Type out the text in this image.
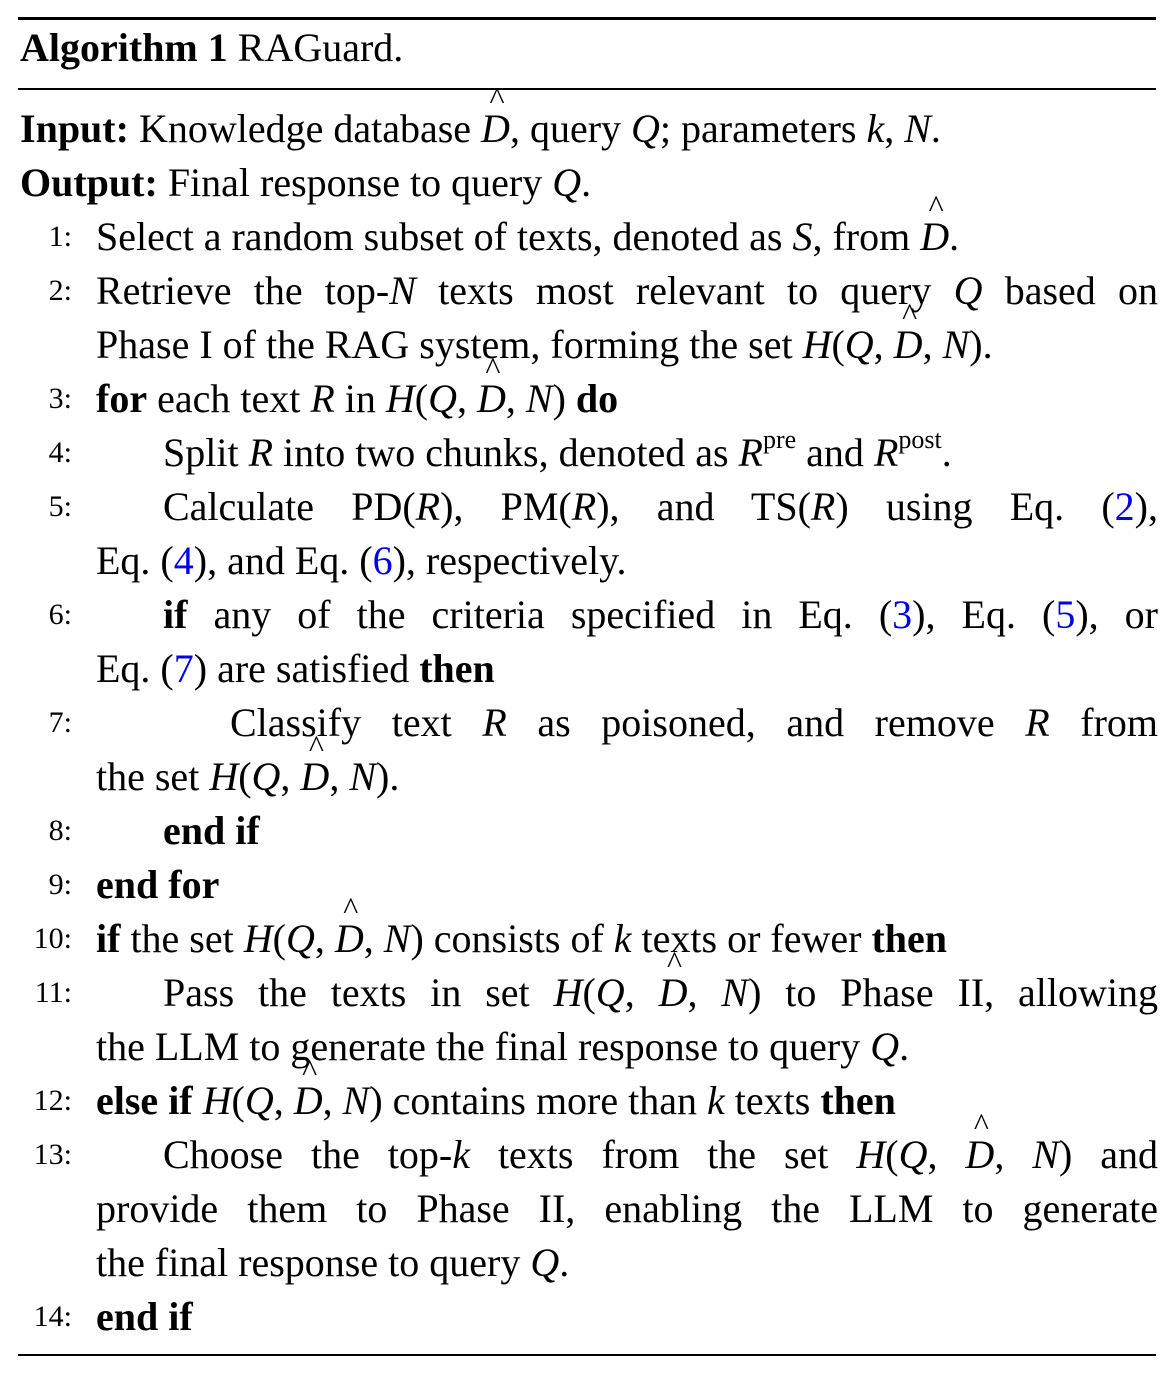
Algorithm 1 RAGuard.
Input: Knowledge database ^ D, query Q; parameters k, N.
Output: Final response to query Q.
1: Select a random subset of texts, denoted as S, from ^ D.
2: Retrieve the top-N texts most relevant to query Q based on
Phase I of the RAG system, forming the set H(Q, ^ D, N).
3: for each text R in H(Q, ^ D, N) do
4: Split R into two chunks, denoted as $R^{pre}$ and $R^{post}$.
5: Calculate PD(R), PM(R), and TS(R) using Eq. (2),
Eq. (4), and Eq. (6), respectively.
6: if any of the criteria specified in Eq. (3), Eq. (5), or
Eq. (7) are satisfied then
7:	Classify text R as poisoned, and remove R from
the set H(Q, ^ D, N).
8: end if
9: end for
10: if the set H(Q, ^ D, N) consists of k texts or fewer then
11: Pass the texts in set H(Q, ^ D, N) to Phase II, allowing
the LLM to generate the final response to query Q.
12: else if H(Q, ^ D, N) contains more than k texts then
13: Choose the top-k texts from the set H(Q, ^ D, N) and
provide them to Phase II, enabling the LLM to generate
the final response to query Q.
14: end if
